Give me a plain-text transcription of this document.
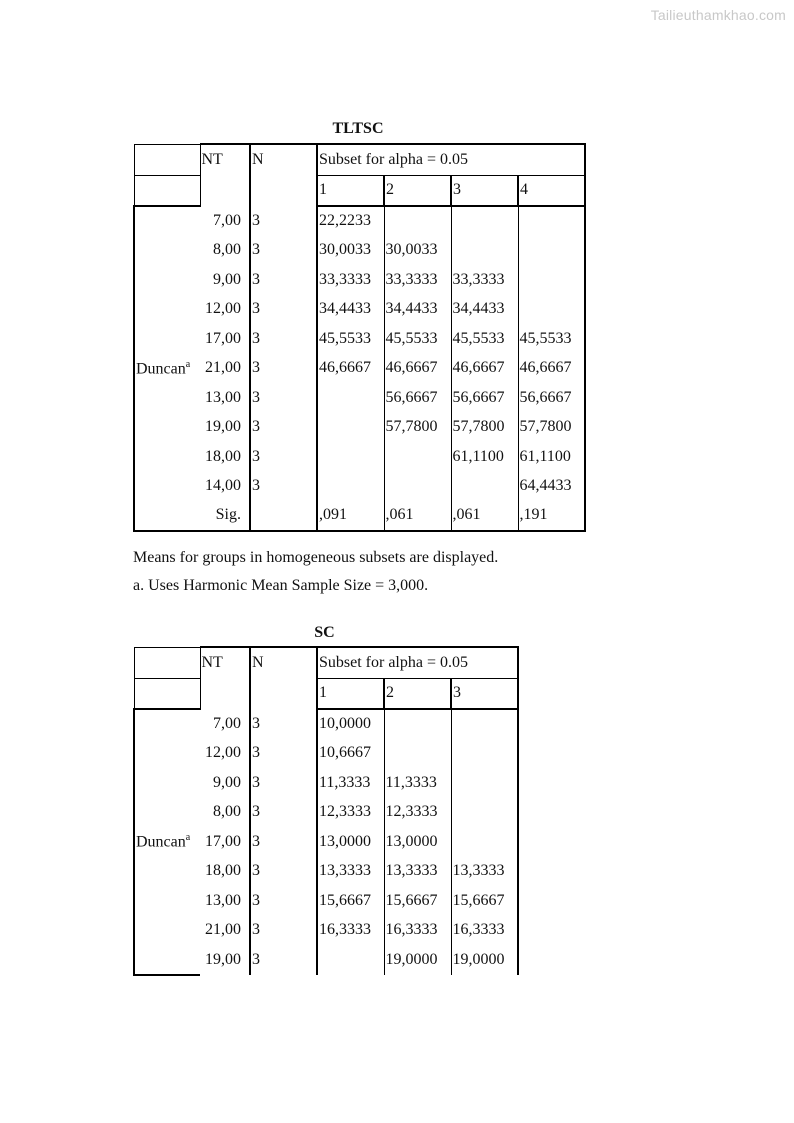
Tailieuthamkhao.com
TLTSC
	NT	N	Subset for alpha = 0.05			
			1	2	3	4
Duncan$^a$	7,00	3	22,2233			
	8,00	3	30,0033	30,0033		
	9,00	3	33,3333	33,3333	33,3333	
	12,00	3	34,4433	34,4433	34,4433	
	17,00	3	45,5533	45,5533	45,5533	45,5533
	21,00	3	46,6667	46,6667	46,6667	46,6667
	13,00	3		56,6667	56,6667	56,6667
	19,00	3		57,7800	57,7800	57,7800
	18,00	3			61,1100	61,1100
	14,00	3				64,4433
	Sig.		,091	,061	,061	,191
Means for groups in homogeneous subsets are displayed.
a. Uses Harmonic Mean Sample Size = 3,000.
SC
	NT	N	Subset for alpha = 0.05		
			1	2	3
Duncan$^a$	7,00	3	10,0000		
	12,00	3	10,6667		
	9,00	3	11,3333	11,3333	
	8,00	3	12,3333	12,3333	
	17,00	3	13,0000	13,0000	
	18,00	3	13,3333	13,3333	13,3333
	13,00	3	15,6667	15,6667	15,6667
	21,00	3	16,3333	16,3333	16,3333
	19,00	3		19,0000	19,0000
